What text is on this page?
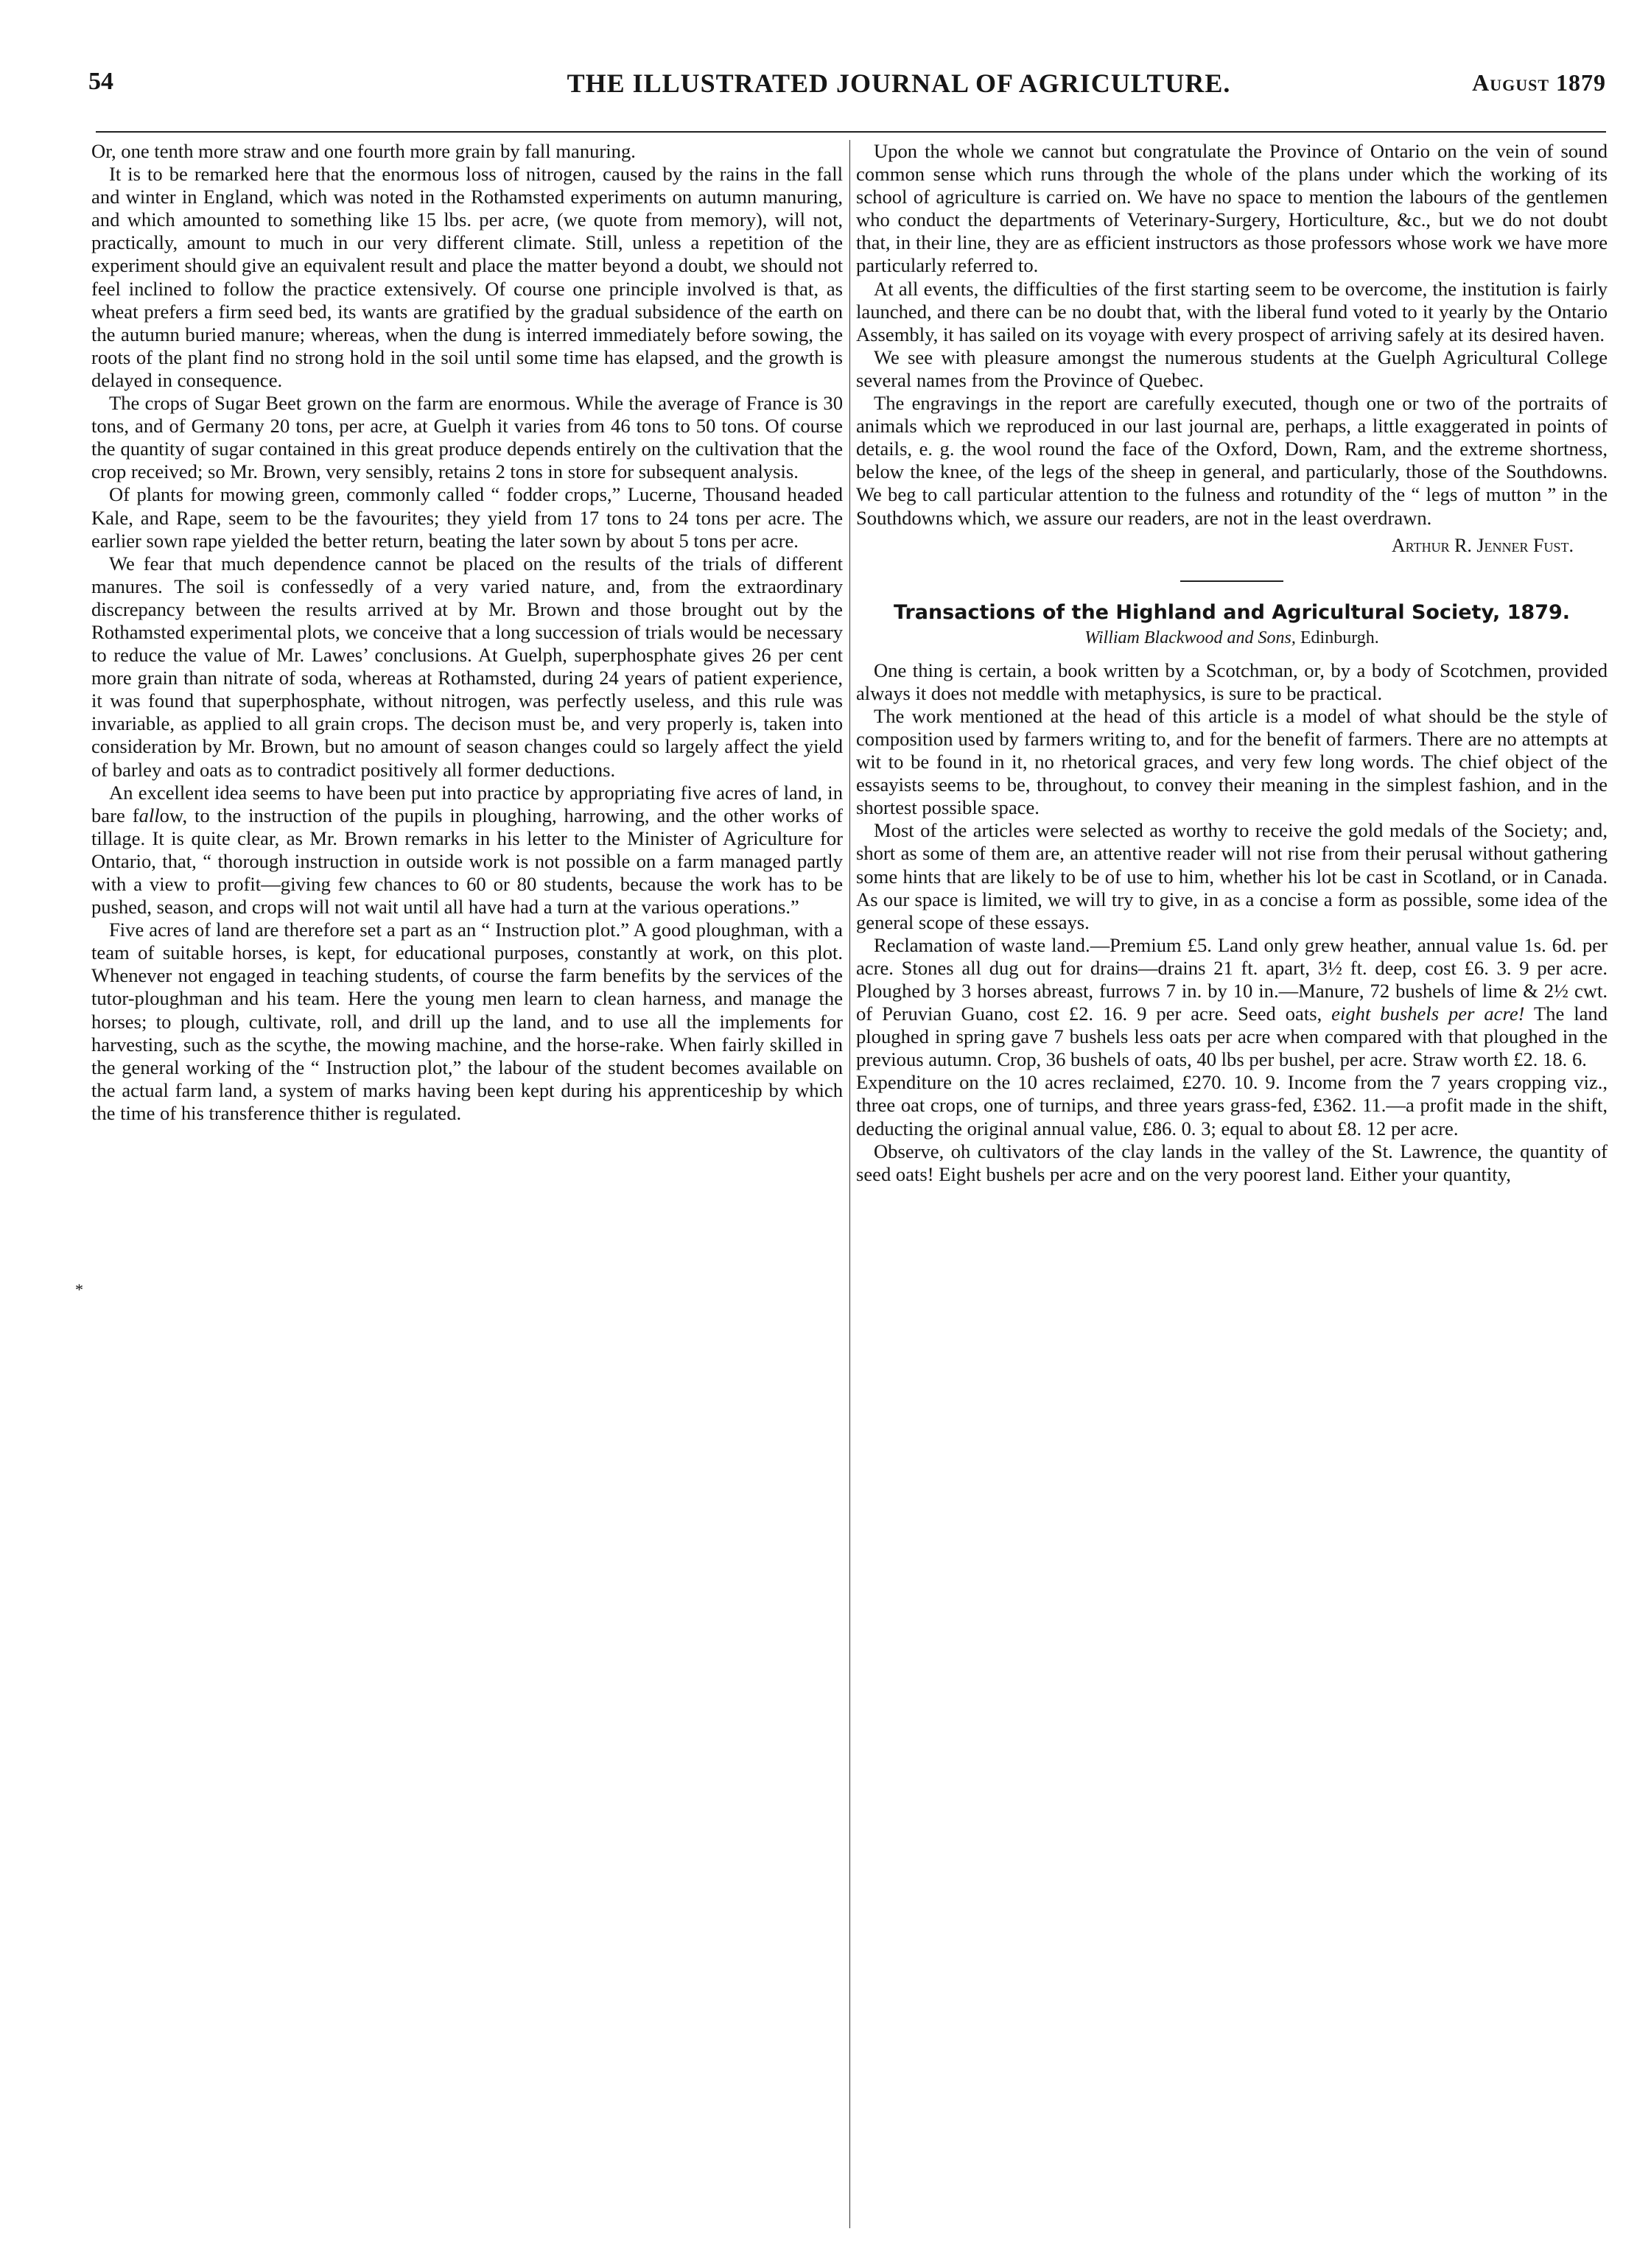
54	THE ILLUSTRATED JOURNAL OF AGRICULTURE.	August 1879
*

Or, one tenth more straw and one fourth more grain by fall manuring.

It is to be remarked here that the enormous loss of nitrogen, caused by the rains in the fall and winter in England, which was noted in the Rothamsted experiments on autumn manuring, and which amounted to something like 15 lbs. per acre, (we quote from memory), will not, practically, amount to much in our very different climate. Still, unless a repetition of the experiment should give an equivalent result and place the matter beyond a doubt, we should not feel inclined to follow the practice extensively. Of course one principle involved is that, as wheat prefers a firm seed bed, its wants are gratified by the gradual subsidence of the earth on the autumn buried manure; whereas, when the dung is interred immediately before sowing, the roots of the plant find no strong hold in the soil until some time has elapsed, and the growth is delayed in consequence.

The crops of Sugar Beet grown on the farm are enormous. While the average of France is 30 tons, and of Germany 20 tons, per acre, at Guelph it varies from 46 tons to 50 tons. Of course the quantity of sugar contained in this great produce depends entirely on the cultivation that the crop received; so Mr. Brown, very sensibly, retains 2 tons in store for subsequent analysis.

Of plants for mowing green, commonly called “ fodder crops,” Lucerne, Thousand headed Kale, and Rape, seem to be the favourites; they yield from 17 tons to 24 tons per acre. The earlier sown rape yielded the better return, beating the later sown by about 5 tons per acre.

We fear that much dependence cannot be placed on the results of the trials of different manures. The soil is confessedly of a very varied nature, and, from the extraordinary discrepancy between the results arrived at by Mr. Brown and those brought out by the Rothamsted experimental plots, we conceive that a long succession of trials would be necessary to reduce the value of Mr. Lawes’ conclusions. At Guelph, superphosphate gives 26 per cent more grain than nitrate of soda, whereas at Rothamsted, during 24 years of patient experience, it was found that superphosphate, without nitrogen, was perfectly useless, and this rule was invariable, as applied to all grain crops. The decison must be, and very properly is, taken into consideration by Mr. Brown, but no amount of season changes could so largely affect the yield of barley and oats as to contradict positively all former deductions.

An excellent idea seems to have been put into practice by appropriating five acres of land, in bare fallow, to the instruction of the pupils in ploughing, harrowing, and the other works of tillage. It is quite clear, as Mr. Brown remarks in his letter to the Minister of Agriculture for Ontario, that, “ thorough instruction in outside work is not possible on a farm managed partly with a view to profit—giving few chances to 60 or 80 students, because the work has to be pushed, season, and crops will not wait until all have had a turn at the various operations.”

Five acres of land are therefore set a part as an “ Instruction plot.” A good ploughman, with a team of suitable horses, is kept, for educational purposes, constantly at work, on this plot. Whenever not engaged in teaching students, of course the farm benefits by the services of the tutor-ploughman and his team. Here the young men learn to clean harness, and manage the horses; to plough, cultivate, roll, and drill up the land, and to use all the implements for harvesting, such as the scythe, the mowing machine, and the horse-rake. When fairly skilled in the general working of the “ Instruction plot,” the labour of the student becomes available on the actual farm land, a system of marks having been kept during his apprenticeship by which the time of his transference thither is regulated.

Upon the whole we cannot but congratulate the Province of Ontario on the vein of sound common sense which runs through the whole of the plans under which the working of its school of agriculture is carried on. We have no space to mention the labours of the gentlemen who conduct the departments of Veterinary-Surgery, Horticulture, &c., but we do not doubt that, in their line, they are as efficient instructors as those professors whose work we have more particularly referred to.

At all events, the difficulties of the first starting seem to be overcome, the institution is fairly launched, and there can be no doubt that, with the liberal fund voted to it yearly by the Ontario Assembly, it has sailed on its voyage with every prospect of arriving safely at its desired haven.

We see with pleasure amongst the numerous students at the Guelph Agricultural College several names from the Province of Quebec.

The engravings in the report are carefully executed, though one or two of the portraits of animals which we reproduced in our last journal are, perhaps, a little exaggerated in points of details, e. g. the wool round the face of the Oxford, Down, Ram, and the extreme shortness, below the knee, of the legs of the sheep in general, and particularly, those of the Southdowns. We beg to call particular attention to the fulness and rotundity of the “ legs of mutton ” in the Southdowns which, we assure our readers, are not in the least overdrawn.

Arthur R. Jenner Fust.
Transactions of the Highland and Agricultural Society, 1879.
William Blackwood and Sons, Edinburgh.

One thing is certain, a book written by a Scotchman, or, by a body of Scotchmen, provided always it does not meddle with metaphysics, is sure to be practical.

The work mentioned at the head of this article is a model of what should be the style of composition used by farmers writing to, and for the benefit of farmers. There are no attempts at wit to be found in it, no rhetorical graces, and very few long words. The chief object of the essayists seems to be, throughout, to convey their meaning in the simplest fashion, and in the shortest possible space.

Most of the articles were selected as worthy to receive the gold medals of the Society; and, short as some of them are, an attentive reader will not rise from their perusal without gathering some hints that are likely to be of use to him, whether his lot be cast in Scotland, or in Canada. As our space is limited, we will try to give, in as a concise a form as possible, some idea of the general scope of these essays.

Reclamation of waste land.—Premium £5. Land only grew heather, annual value 1s. 6d. per acre. Stones all dug out for drains—drains 21 ft. apart, 3½ ft. deep, cost £6. 3. 9 per acre. Ploughed by 3 horses abreast, furrows 7 in. by 10 in.—Manure, 72 bushels of lime & 2½ cwt. of Peruvian Guano, cost £2. 16. 9 per acre. Seed oats, eight bushels per acre! The land ploughed in spring gave 7 bushels less oats per acre when compared with that ploughed in the previous autumn. Crop, 36 bushels of oats, 40 lbs per bushel, per acre. Straw worth £2. 18. 6.

Expenditure on the 10 acres reclaimed, £270. 10. 9. Income from the 7 years cropping viz., three oat crops, one of turnips, and three years grass-fed, £362. 11.—a profit made in the shift, deducting the original annual value, £86. 0. 3; equal to about £8. 12 per acre.

Observe, oh cultivators of the clay lands in the valley of the St. Lawrence, the quantity of seed oats! Eight bushels per acre and on the very poorest land. Either your quantity,
